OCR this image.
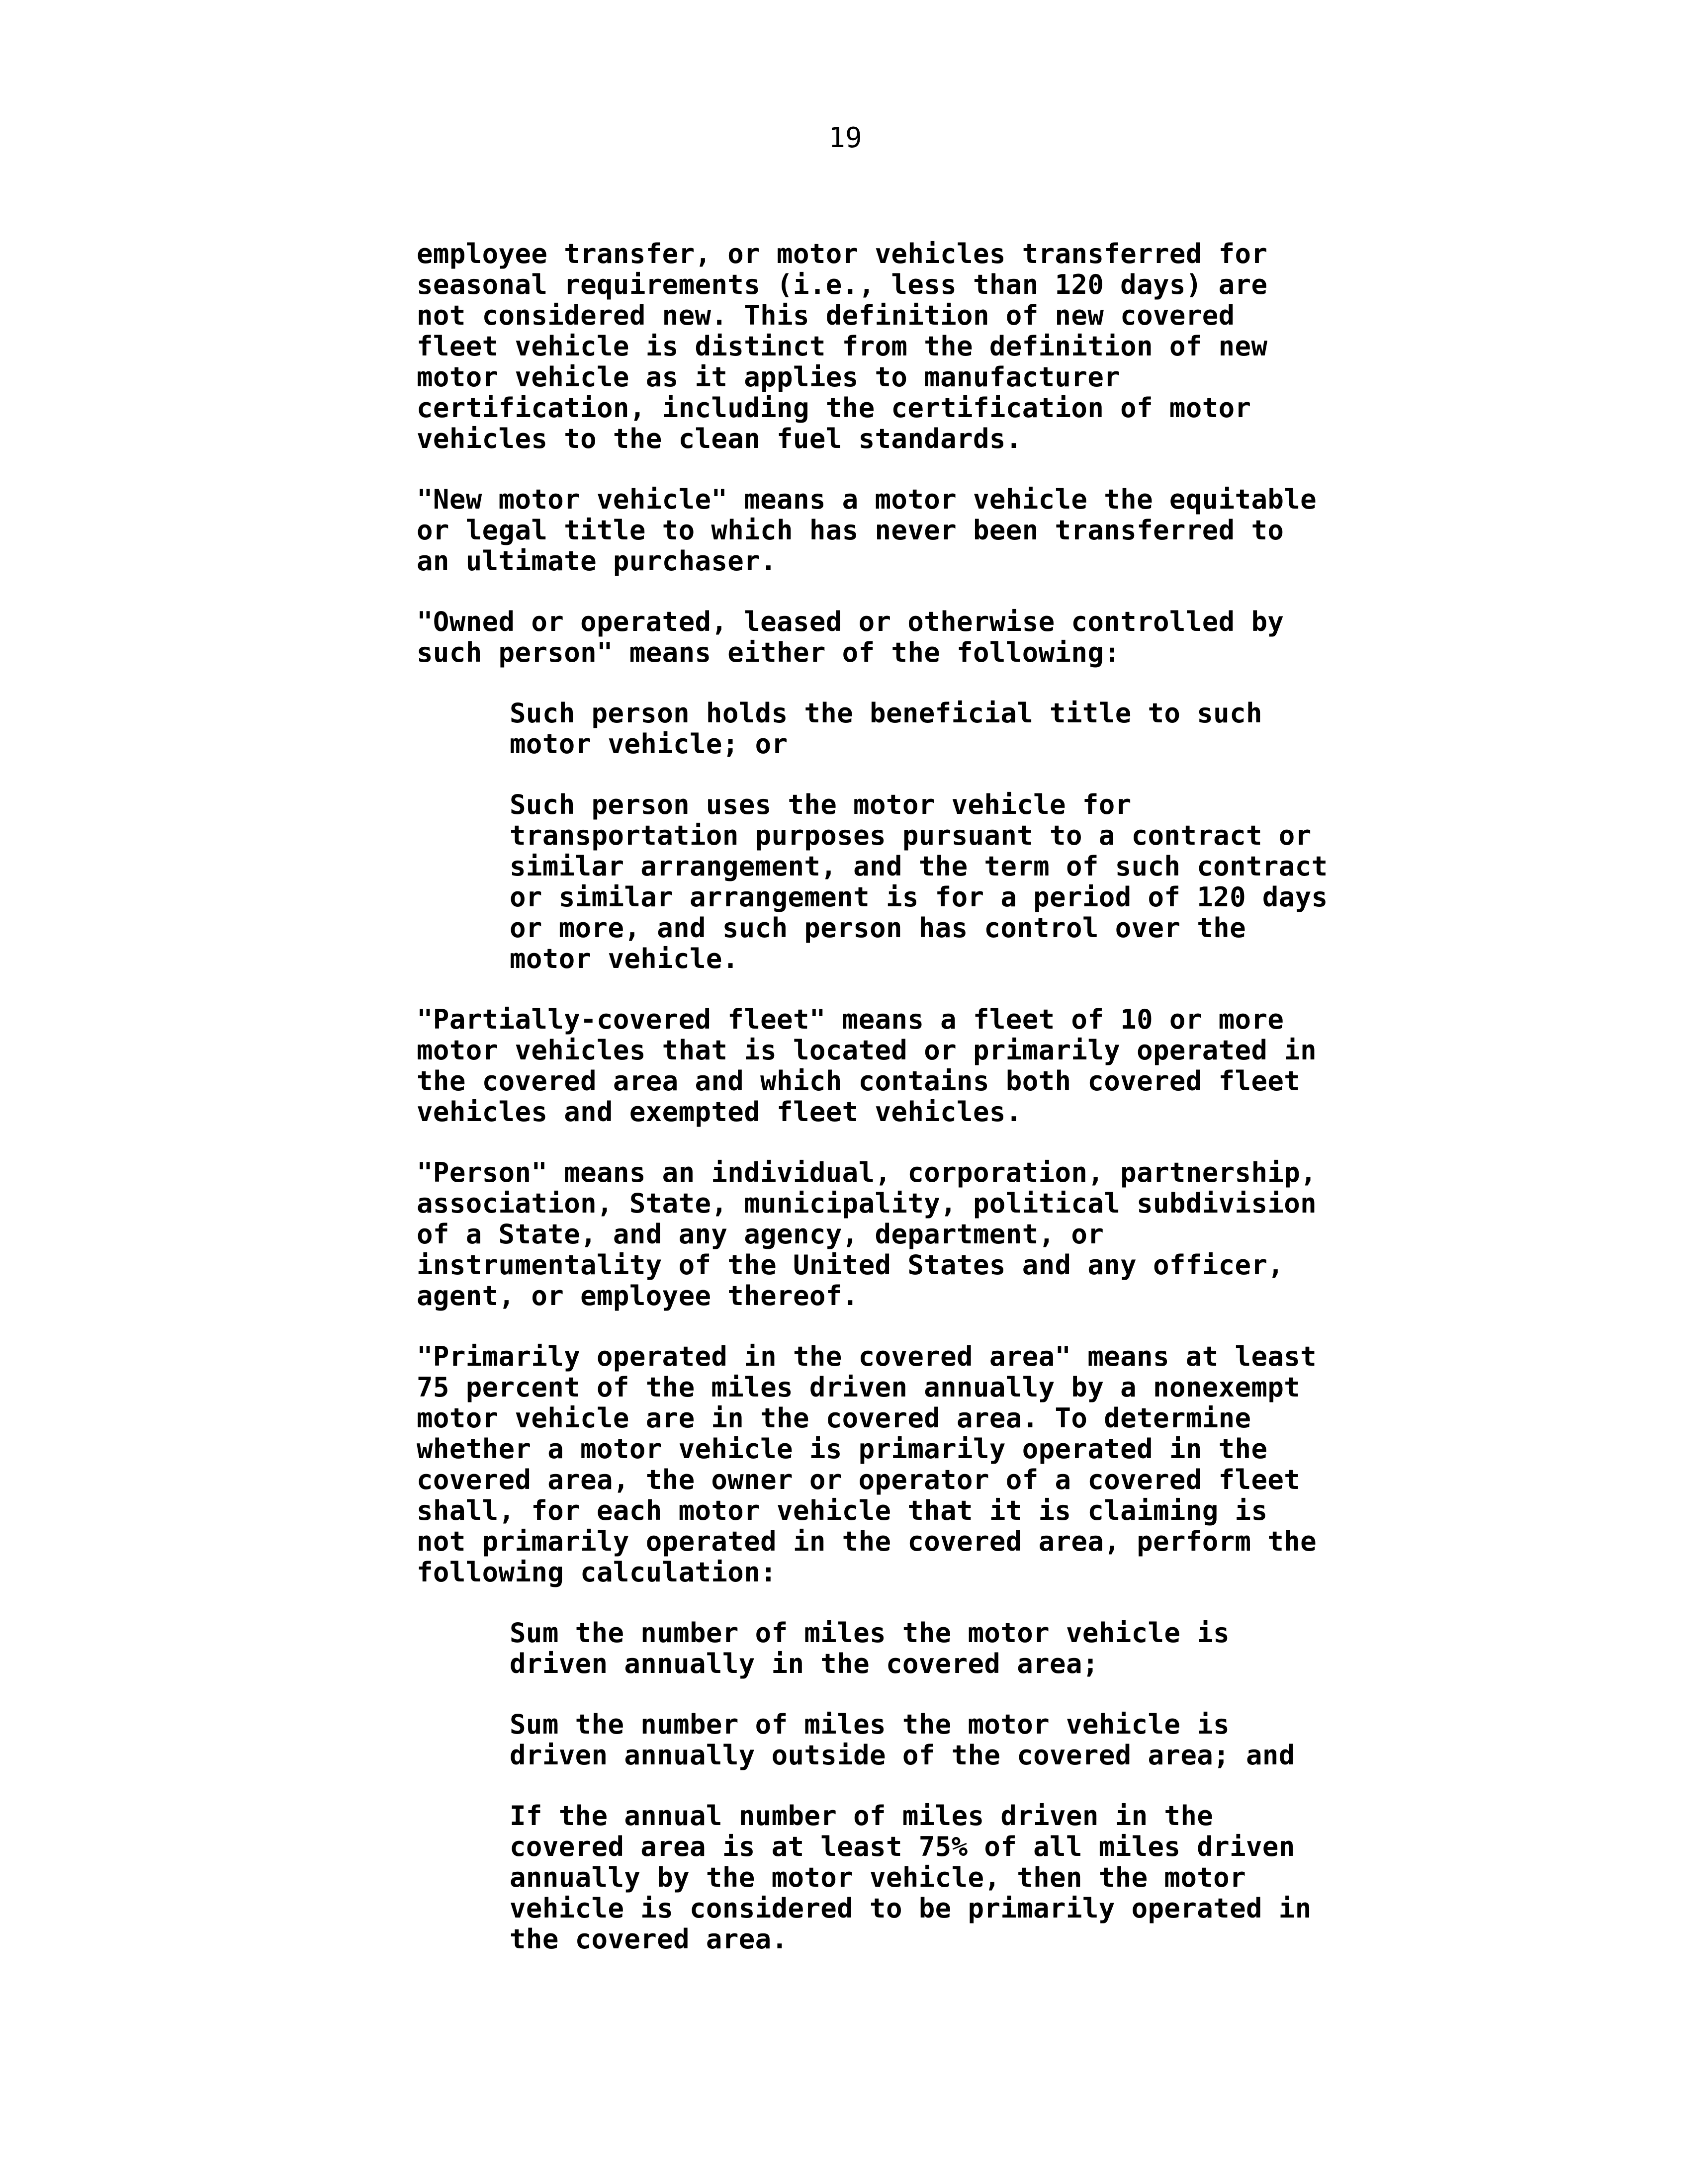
19

employee transfer, or motor vehicles transferred for
seasonal requirements (i.e., less than 120 days) are
not considered new. This definition of new covered
fleet vehicle is distinct from the definition of new
motor vehicle as it applies to manufacturer
certification, including the certification of motor
vehicles to the clean fuel standards.

"New motor vehicle" means a motor vehicle the equitable
or legal title to which has never been transferred to
an ultimate purchaser.

"Owned or operated, leased or otherwise controlled by
such person" means either of the following:

Such person holds the beneficial title to such
motor vehicle; or

Such person uses the motor vehicle for
transportation purposes pursuant to a contract or
similar arrangement, and the term of such contract
or similar arrangement is for a period of 120 days
or more, and such person has control over the
motor vehicle.

"Partially-covered fleet" means a fleet of 10 or more
motor vehicles that is located or primarily operated in
the covered area and which contains both covered fleet
vehicles and exempted fleet vehicles.

"Person" means an individual, corporation, partnership,
association, State, municipality, political subdivision
of a State, and any agency, department, or
instrumentality of the United States and any officer,
agent, or employee thereof.

"Primarily operated in the covered area" means at least
75 percent of the miles driven annually by a nonexempt
motor vehicle are in the covered area. To determine
whether a motor vehicle is primarily operated in the
covered area, the owner or operator of a covered fleet
shall, for each motor vehicle that it is claiming is
not primarily operated in the covered area, perform the
following calculation:

Sum the number of miles the motor vehicle is
driven annually in the covered area;

Sum the number of miles the motor vehicle is
driven annually outside of the covered area; and

If the annual number of miles driven in the
covered area is at least 75% of all miles driven
annually by the motor vehicle, then the motor
vehicle is considered to be primarily operated in
the covered area.
